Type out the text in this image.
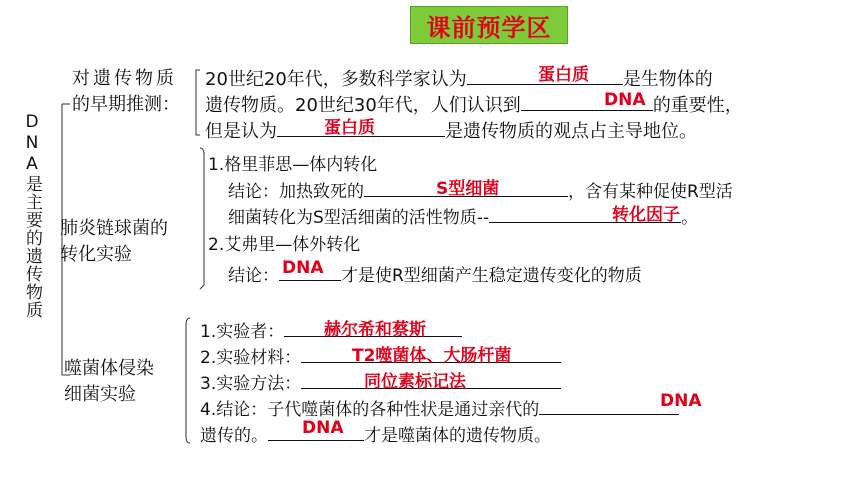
课前预学区
DNA是主要的遗传物质
对遗传物质
的早期推测：
20世纪20年代，多数科学家认为	是生物体的
蛋白质
遗传物质。20世纪30年代，人们认识到	的重要性，
DNA
但是认为	是遗传物质的观点占主导地位。
蛋白质
肺炎链球菌的
转化实验
1.格里菲思—体内转化
结论：加热致死的	，含有某种促使R型活
S型细菌
细菌转化为S型活细菌的活性物质--	。
转化因子
2.艾弗里—体外转化
结论：	才是使R型细菌产生稳定遗传变化的物质
DNA
噬菌体侵染
细菌实验
1.实验者：	赫尔希和蔡斯
2.实验材料：	T2噬菌体、大肠杆菌
3.实验方法：	同位素标记法
4.结论：子代噬菌体的各种性状是通过亲代的	DNA
遗传的。	才是噬菌体的遗传物质。
DNA
